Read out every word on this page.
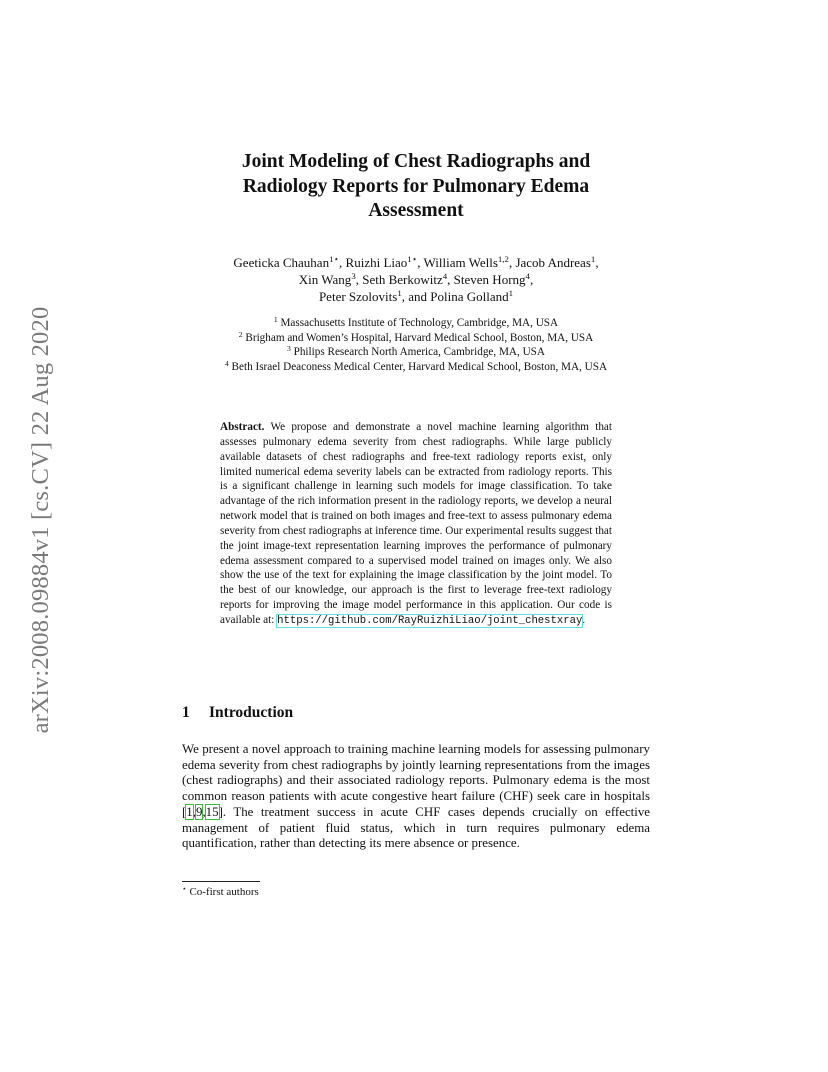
arXiv:2008.09884v1 [cs.CV] 22 Aug 2020
Joint Modeling of Chest Radiographs and
Radiology Reports for Pulmonary Edema
Assessment
Geeticka Chauhan$^{1⋆}$, Ruizhi Liao$^{1⋆}$, William Wells$^{1,2}$, Jacob Andreas$^1$,
Xin Wang$^3$, Seth Berkowitz$^4$, Steven Horng$^4$,
Peter Szolovits$^1$, and Polina Golland$^1$
$^1$ Massachusetts Institute of Technology, Cambridge, MA, USA
$^2$ Brigham and Women’s Hospital, Harvard Medical School, Boston, MA, USA
$^3$ Philips Research North America, Cambridge, MA, USA
$^4$ Beth Israel Deaconess Medical Center, Harvard Medical School, Boston, MA, USA
Abstract. We propose and demonstrate a novel machine learning algorithm that assesses pulmonary edema severity from chest radiographs. While large publicly available datasets of chest radiographs and free-text radiology reports exist, only limited numerical edema severity labels can be extracted from radiology reports. This is a significant challenge in learning such models for image classification. To take advantage of the rich information present in the radiology reports, we develop a neural network model that is trained on both images and free-text to assess pulmonary edema severity from chest radiographs at inference time. Our experimental results suggest that the joint image-text representation learning improves the performance of pulmonary edema assessment compared to a supervised model trained on images only. We also show the use of the text for explaining the image classification by the joint model. To the best of our knowledge, our approach is the first to leverage free-text radiology reports for improving the image model performance in this application. Our code is available at: https://github.com/RayRuizhiLiao/joint_chestxray.
1 Introduction
We present a novel approach to training machine learning models for assessing pulmonary edema severity from chest radiographs by jointly learning representations from the images (chest radiographs) and their associated radiology reports. Pulmonary edema is the most common reason patients with acute congestive heart failure (CHF) seek care in hospitals [1,9,15]. The treatment success in acute CHF cases depends crucially on effective management of patient fluid status, which in turn requires pulmonary edema quantification, rather than detecting its mere absence or presence.
⋆ Co-first authors
